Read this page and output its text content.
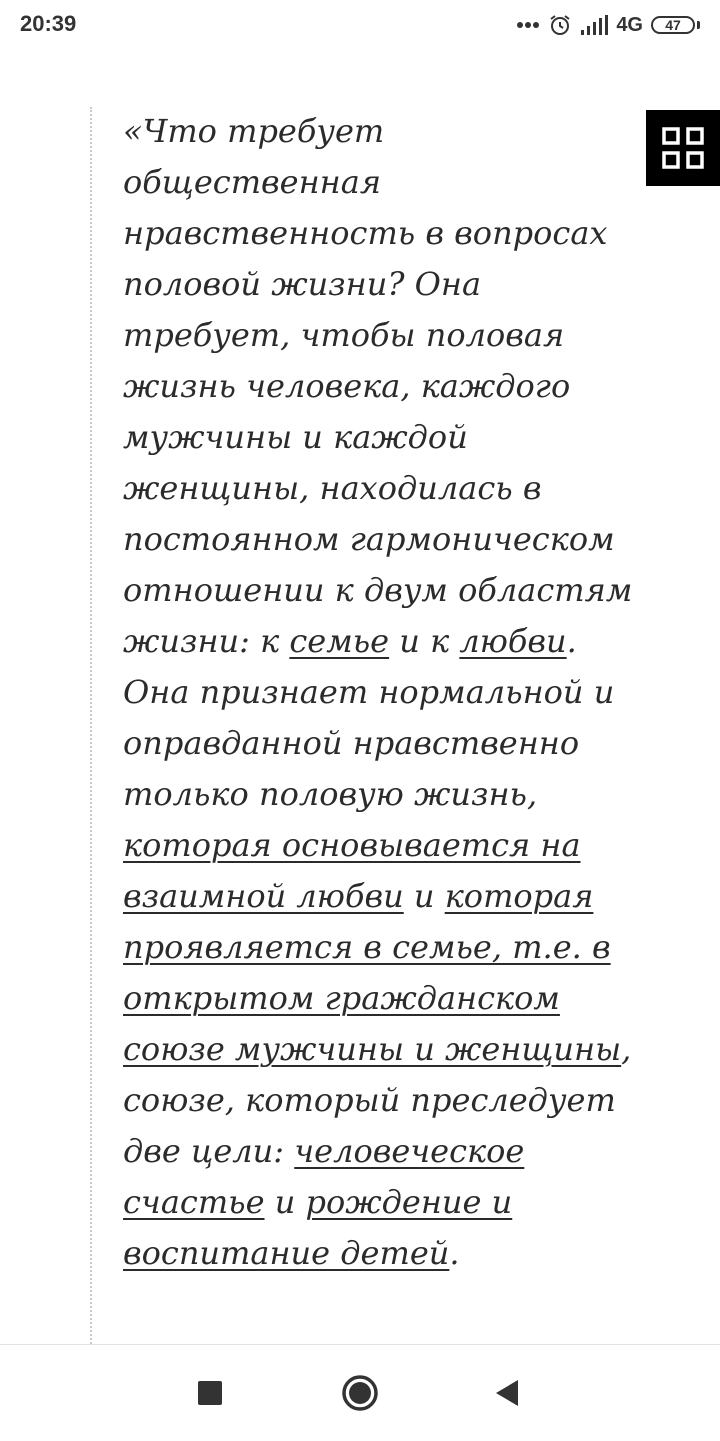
20:39	4G 47

«Что требует общественная нравственность в вопросах половой жизни? Она требует, чтобы половая жизнь человека, каждого мужчины и каждой женщины, находилась в постоянном гармоническом отношении к двум областям жизни: к семье и к любви. Она признает нормальной и оправданной нравственно только половую жизнь, которая основывается на взаимной любви и которая проявляется в семье, т.е. в открытом гражданском союзе мужчины и женщины, союзе, который преследует две цели: человеческое счастье и рождение и воспитание детей.
